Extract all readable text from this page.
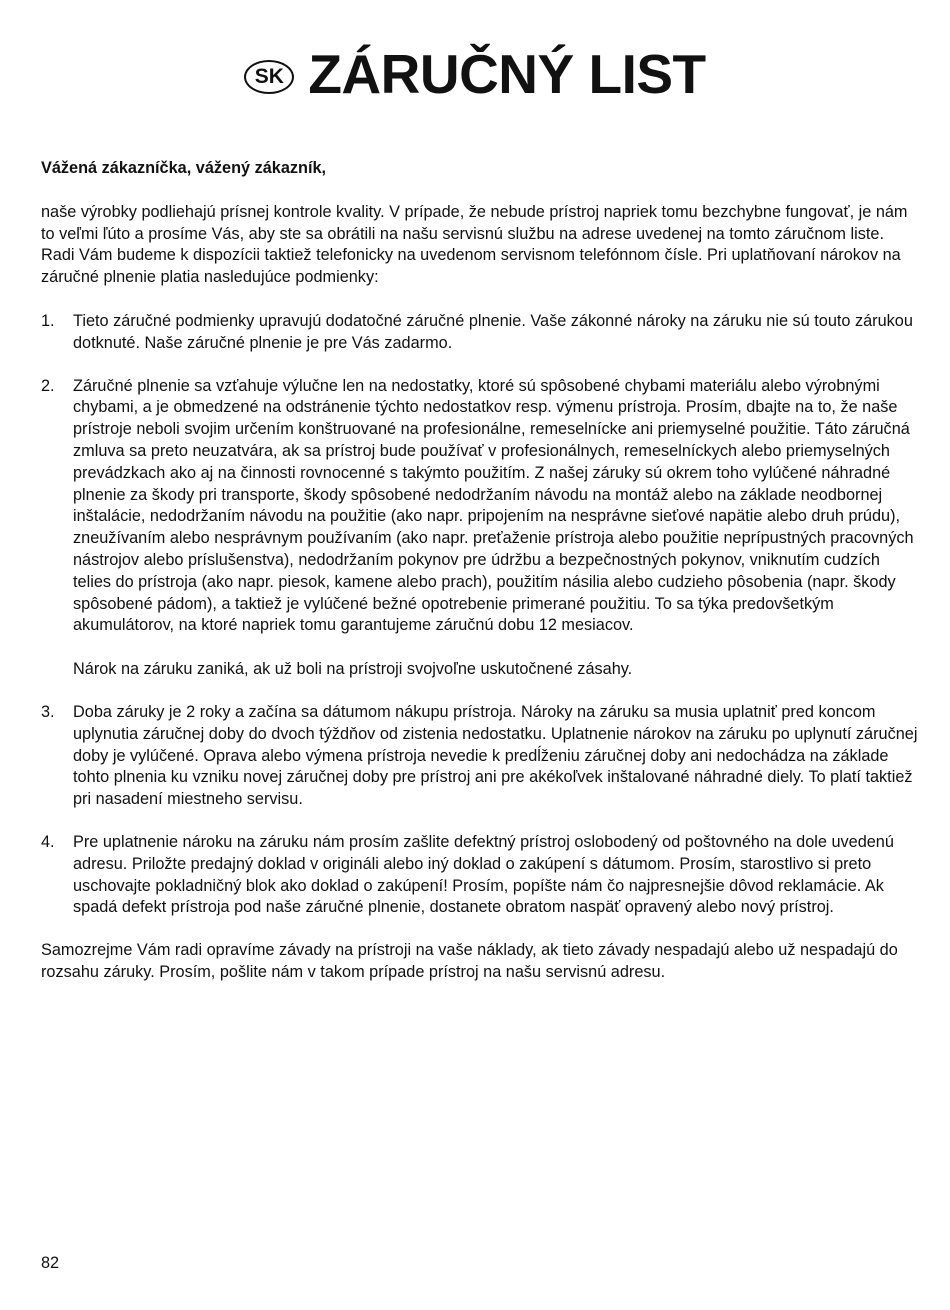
SK ZÁRUČNÝ LIST

Vážená zákazníčka, vážený zákazník,

naše výrobky podliehajú prísnej kontrole kvality. V prípade, že nebude prístroj napriek tomu bezchybne fungovať, je nám to veľmi ľúto a prosíme Vás, aby ste sa obrátili na našu servisnú službu na adrese uvedenej na tomto záručnom liste. Radi Vám budeme k dispozícii taktiež telefonicky na uvedenom servisnom telefónnom čísle. Pri uplatňovaní nárokov na záručné plnenie platia nasledujúce podmienky:

1. Tieto záručné podmienky upravujú dodatočné záručné plnenie. Vaše zákonné nároky na záruku nie sú touto zárukou dotknuté. Naše záručné plnenie je pre Vás zadarmo.

2. Záručné plnenie sa vzťahuje výlučne len na nedostatky, ktoré sú spôsobené chybami materiálu alebo výrobnými chybami, a je obmedzené na odstránenie týchto nedostatkov resp. výmenu prístroja. Prosím, dbajte na to, že naše prístroje neboli svojim určením konštruované na profesionálne, remeselnícke ani priemyselné použitie. Táto záručná zmluva sa preto neuzatvára, ak sa prístroj bude používať v profesionálnych, remeselníckych alebo priemyselných prevádzkach ako aj na činnosti rovnocenné s takýmto použitím. Z našej záruky sú okrem toho vylúčené náhradné plnenie za škody pri transporte, škody spôsobené nedodržaním návodu na montáž alebo na základe neodbornej inštalácie, nedodržaním návodu na použitie (ako napr. pripojením na nesprávne sieťové napätie alebo druh prúdu), zneužívaním alebo nesprávnym používaním (ako napr. preťaženie prístroja alebo použitie neprípustných pracovných nástrojov alebo príslušenstva), nedodržaním pokynov pre údržbu a bezpečnostných pokynov, vniknutím cudzích telies do prístroja (ako napr. piesok, kamene alebo prach), použitím násilia alebo cudzieho pôsobenia (napr. škody spôsobené pádom), a taktiež je vylúčené bežné opotrebenie primerané použitiu. To sa týka predovšetkým akumulátorov, na ktoré napriek tomu garantujeme záručnú dobu 12 mesiacov.

Nárok na záruku zaniká, ak už boli na prístroji svojvoľne uskutočnené zásahy.

3. Doba záruky je 2 roky a začína sa dátumom nákupu prístroja. Nároky na záruku sa musia uplatniť pred koncom uplynutia záručnej doby do dvoch týždňov od zistenia nedostatku. Uplatnenie nárokov na záruku po uplynutí záručnej doby je vylúčené. Oprava alebo výmena prístroja nevedie k predĺženiu záručnej doby ani nedochádza na základe tohto plnenia ku vzniku novej záručnej doby pre prístroj ani pre akékoľvek inštalované náhradné diely. To platí taktiež pri nasadení miestneho servisu.

4. Pre uplatnenie nároku na záruku nám prosím zašlite defektný prístroj oslobodený od poštovného na dole uvedenú adresu. Priložte predajný doklad v origináli alebo iný doklad o zakúpení s dátumom. Prosím, starostlivo si preto uschovajte pokladničný blok ako doklad o zakúpení! Prosím, popíšte nám čo najpresnejšie dôvod reklamácie. Ak spadá defekt prístroja pod naše záručné plnenie, dostanete obratom naspäť opravený alebo nový prístroj.

Samozrejme Vám radi opravíme závady na prístroji na vaše náklady, ak tieto závady nespadajú alebo už nespadajú do rozsahu záruky. Prosím, pošlite nám v takom prípade prístroj na našu servisnú adresu.

82
